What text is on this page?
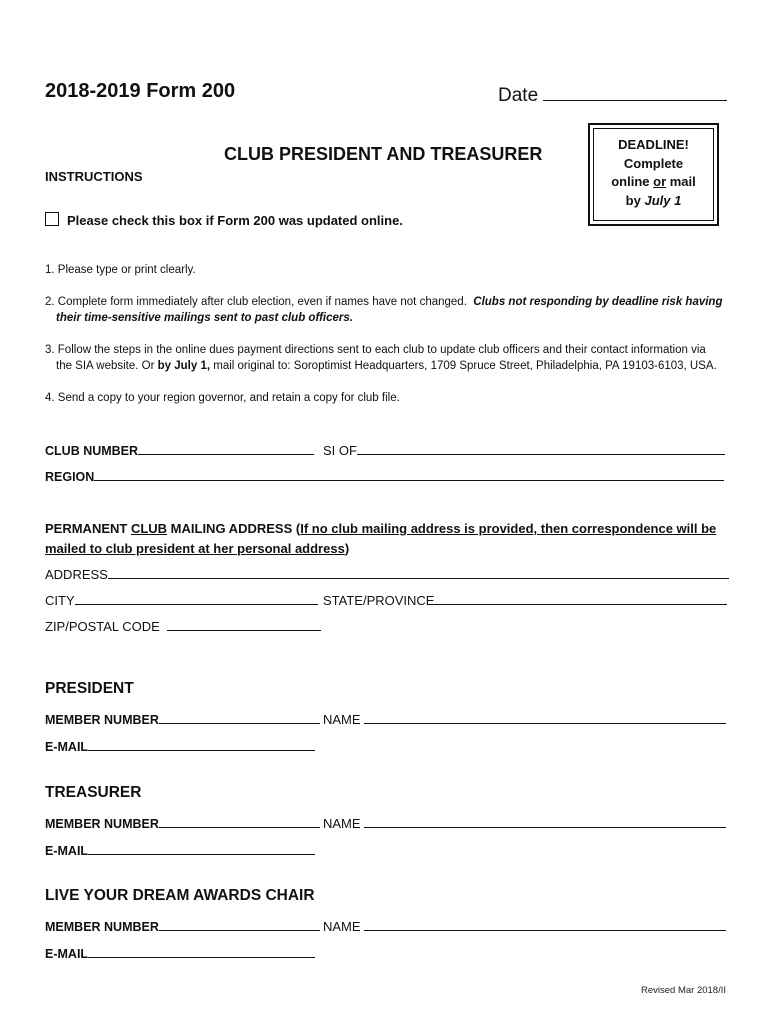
2018-2019 Form 200	Date
DEADLINE!
Complete
online or mail
by July 1
CLUB PRESIDENT AND TREASURER
INSTRUCTIONS
Please check this box if Form 200 was updated online.
1. Please type or print clearly.
2. Complete form immediately after club election, even if names have not changed. Clubs not responding by deadline risk having
their time-sensitive mailings sent to past club officers.
3. Follow the steps in the online dues payment directions sent to each club to update club officers and their contact information via
the SIA website. Or by July 1, mail original to: Soroptimist Headquarters, 1709 Spruce Street, Philadelphia, PA 19103-6103, USA.
4. Send a copy to your region governor, and retain a copy for club file.
CLUB NUMBER	SI OF
REGION
PERMANENT CLUB MAILING ADDRESS (If no club mailing address is provided, then correspondence will be
mailed to club president at her personal address)
ADDRESS
CITY	STATE/PROVINCE
ZIP/POSTAL CODE
PRESIDENT
MEMBER NUMBER	NAME
E-MAIL
TREASURER
MEMBER NUMBER	NAME
E-MAIL
LIVE YOUR DREAM AWARDS CHAIR
MEMBER NUMBER	NAME
E-MAIL
Revised Mar 2018/II
